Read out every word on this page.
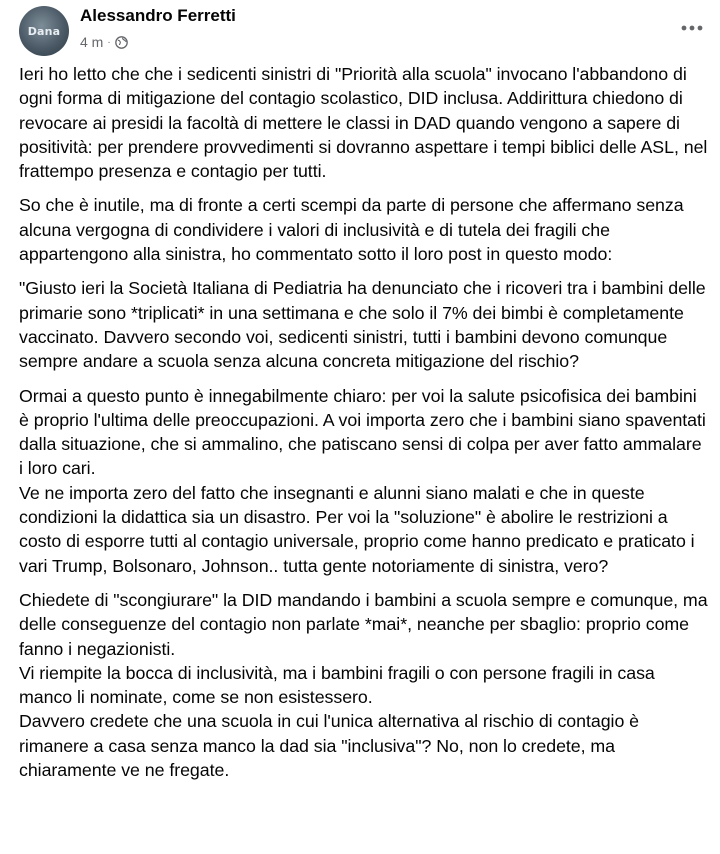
Dana
Alessandro Ferretti
4 m ·

Ieri ho letto che che i sedicenti sinistri di "Priorità alla scuola" invocano l'abbandono di ogni forma di mitigazione del contagio scolastico, DID inclusa. Addirittura chiedono di revocare ai presidi la facoltà di mettere le classi in DAD quando vengono a sapere di positività: per prendere provvedimenti si dovranno aspettare i tempi biblici delle ASL, nel frattempo presenza e contagio per tutti.

So che è inutile, ma di fronte a certi scempi da parte di persone che affermano senza alcuna vergogna di condividere i valori di inclusività e di tutela dei fragili che appartengono alla sinistra, ho commentato sotto il loro post in questo modo:

"Giusto ieri la Società Italiana di Pediatria ha denunciato che i ricoveri tra i bambini delle primarie sono *triplicati* in una settimana e che solo il 7% dei bimbi è completamente vaccinato. Davvero secondo voi, sedicenti sinistri, tutti i bambini devono comunque sempre andare a scuola senza alcuna concreta mitigazione del rischio?

Ormai a questo punto è innegabilmente chiaro: per voi la salute psicofisica dei bambini è proprio l'ultima delle preoccupazioni. A voi importa zero che i bambini siano spaventati dalla situazione, che si ammalino, che patiscano sensi di colpa per aver fatto ammalare i loro cari.
Ve ne importa zero del fatto che insegnanti e alunni siano malati e che in queste condizioni la didattica sia un disastro. Per voi la "soluzione" è abolire le restrizioni a costo di esporre tutti al contagio universale, proprio come hanno predicato e praticato i vari Trump, Bolsonaro, Johnson.. tutta gente notoriamente di sinistra, vero?

Chiedete di "scongiurare" la DID mandando i bambini a scuola sempre e comunque, ma delle conseguenze del contagio non parlate *mai*, neanche per sbaglio: proprio come fanno i negazionisti.
Vi riempite la bocca di inclusività, ma i bambini fragili o con persone fragili in casa manco li nominate, come se non esistessero.
Davvero credete che una scuola in cui l'unica alternativa al rischio di contagio è rimanere a casa senza manco la dad sia "inclusiva"? No, non lo credete, ma chiaramente ve ne fregate.
